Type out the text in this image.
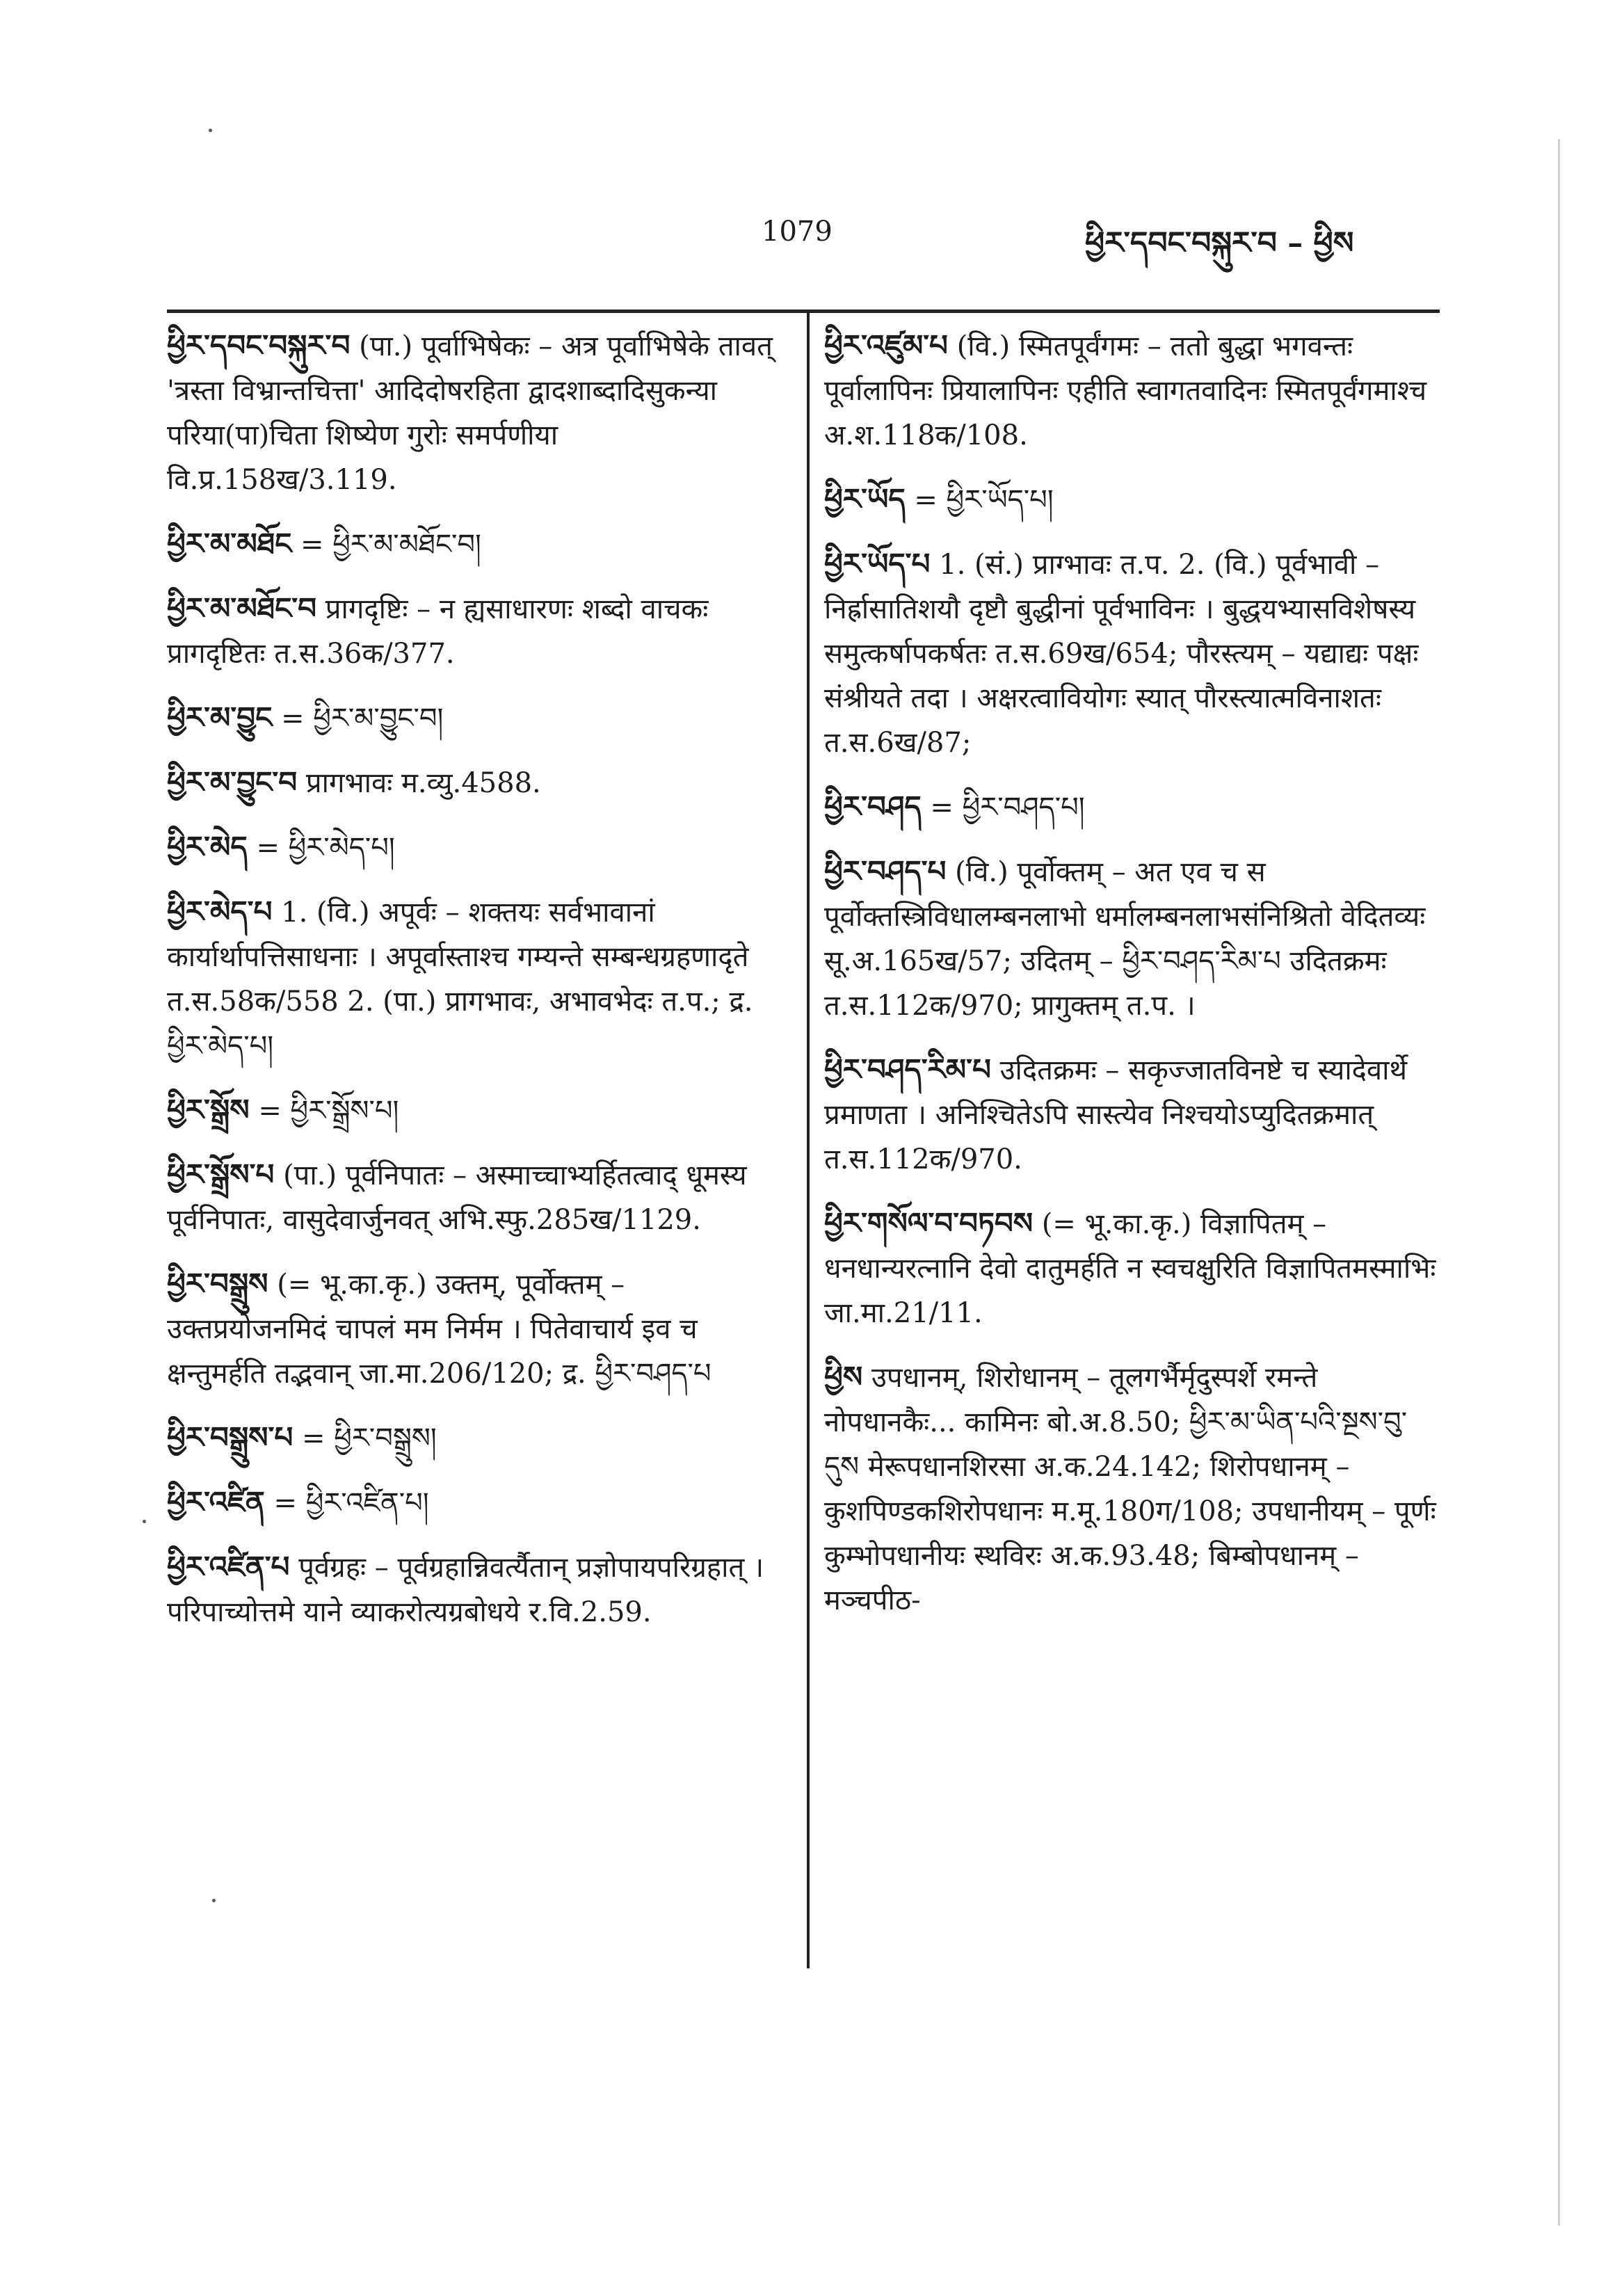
1079	ཕྱིར་དབང་བསྐུར་བ – ཕྱིས
ཕྱིར་དབང་བསྐུར་བ (पा.) पूर्वाभिषेकः – अत्र पूर्वाभिषेके तावत् 'त्रस्ता विभ्रान्तचित्ता' आदिदोषरहिता द्वादशाब्दादिसुकन्या परिया(पा)चिता शिष्येण गुरोः समर्पणीया वि.प्र.158ख/3.119.
ཕྱིར་མ་མཐོང = ཕྱིར་མ་མཐོང་བ།
ཕྱིར་མ་མཐོང་བ प्रागदृष्टिः – न ह्यसाधारणः शब्दो वाचकः प्रागदृष्टितः त.स.36क/377.
ཕྱིར་མ་བྱུང = ཕྱིར་མ་བྱུང་བ།
ཕྱིར་མ་བྱུང་བ प्रागभावः म.व्यु.4588.
ཕྱིར་མེད = ཕྱིར་མེད་པ།
ཕྱིར་མེད་པ 1. (वि.) अपूर्वः – शक्तयः सर्वभावानां कार्यार्थापत्तिसाधनाः । अपूर्वास्ताश्च गम्यन्ते सम्बन्धग्रहणादृते त.स.58क/558 2. (पा.) प्रागभावः, अभावभेदः त.प.; द्र. ཕྱིར་མེད་པ།
ཕྱིར་སྒྲོས = ཕྱིར་སྒྲོས་པ།
ཕྱིར་སྒྲོས་པ (पा.) पूर्वनिपातः – अस्माच्चाभ्यर्हितत्वाद् धूमस्य पूर्वनिपातः, वासुदेवार्जुनवत् अभि.स्फु.285ख/1129.
ཕྱིར་བསྒྲུས (= भू.का.कृ.) उक्तम्, पूर्वोक्तम् – उक्तप्रयोजनमिदं चापलं मम निर्मम । पितेवाचार्य इव च क्षन्तुमर्हति तद्भवान् जा.मा.206/120; द्र. ཕྱིར་བཤད་པ
ཕྱིར་བསྒྲུས་པ = ཕྱིར་བསྒྲུས།
ཕྱིར་འཛིན = ཕྱིར་འཛིན་པ།
ཕྱིར་འཛིན་པ पूर्वग्रहः – पूर्वग्रहान्निवर्त्यैतान् प्रज्ञोपायपरिग्रहात् । परिपाच्योत्तमे याने व्याकरोत्यग्रबोधये र.वि.2.59.
ཕྱིར་འཛུམ་པ (वि.) स्मितपूर्वंगमः – ततो बुद्धा भगवन्तः पूर्वालापिनः प्रियालापिनः एहीति स्वागतवादिनः स्मितपूर्वंगमाश्च अ.श.118क/108.
ཕྱིར་ཡོད = ཕྱིར་ཡོད་པ།
ཕྱིར་ཡོད་པ 1. (सं.) प्राग्भावः त.प. 2. (वि.) पूर्वभावी – निर्ह्रासातिशयौ दृष्टौ बुद्धीनां पूर्वभाविनः । बुद्धयभ्यासविशेषस्य समुत्कर्षापकर्षतः त.स.69ख/654; पौरस्त्यम् – यद्याद्यः पक्षः संश्रीयते तदा । अक्षरत्वावियोगः स्यात् पौरस्त्यात्मविनाशतः त.स.6ख/87;
ཕྱིར་བཤད = ཕྱིར་བཤད་པ།
ཕྱིར་བཤད་པ (वि.) पूर्वोक्तम् – अत एव च स पूर्वोक्तस्त्रिविधालम्बनलाभो धर्मालम्बनलाभसंनिश्रितो वेदितव्यः सू.अ.165ख/57; उदितम् – ཕྱིར་བཤད་རིམ་པ उदितक्रमः त.स.112क/970; प्रागुक्तम् त.प. ।
ཕྱིར་བཤད་རིམ་པ उदितक्रमः – सकृज्जातविनष्टे च स्यादेवार्थे प्रमाणता । अनिश्चितेऽपि सास्त्येव निश्चयोऽप्युदितक्रमात् त.स.112क/970.
ཕྱིར་གསོལ་བ་བཏབས (= भू.का.कृ.) विज्ञापितम् – धनधान्यरत्नानि देवो दातुमर्हति न स्वचक्षुरिति विज्ञापितमस्माभिः जा.मा.21/11.
ཕྱིས उपधानम्, शिरोधानम् – तूलगर्भैर्मृदुस्पर्शे रमन्ते नोपधानकैः... कामिनः बो.अ.8.50; ཕྱིར་མ་ཡིན་པའི་སྔས་བུ་དུས मेरूपधानशिरसा अ.क.24.142; शिरोपधानम् – कुशपिण्डकशिरोपधानः म.मू.180ग/108; उपधानीयम् – पूर्णः कुम्भोपधानीयः स्थविरः अ.क.93.48; बिम्बोपधानम् – मञ्चपीठ-
